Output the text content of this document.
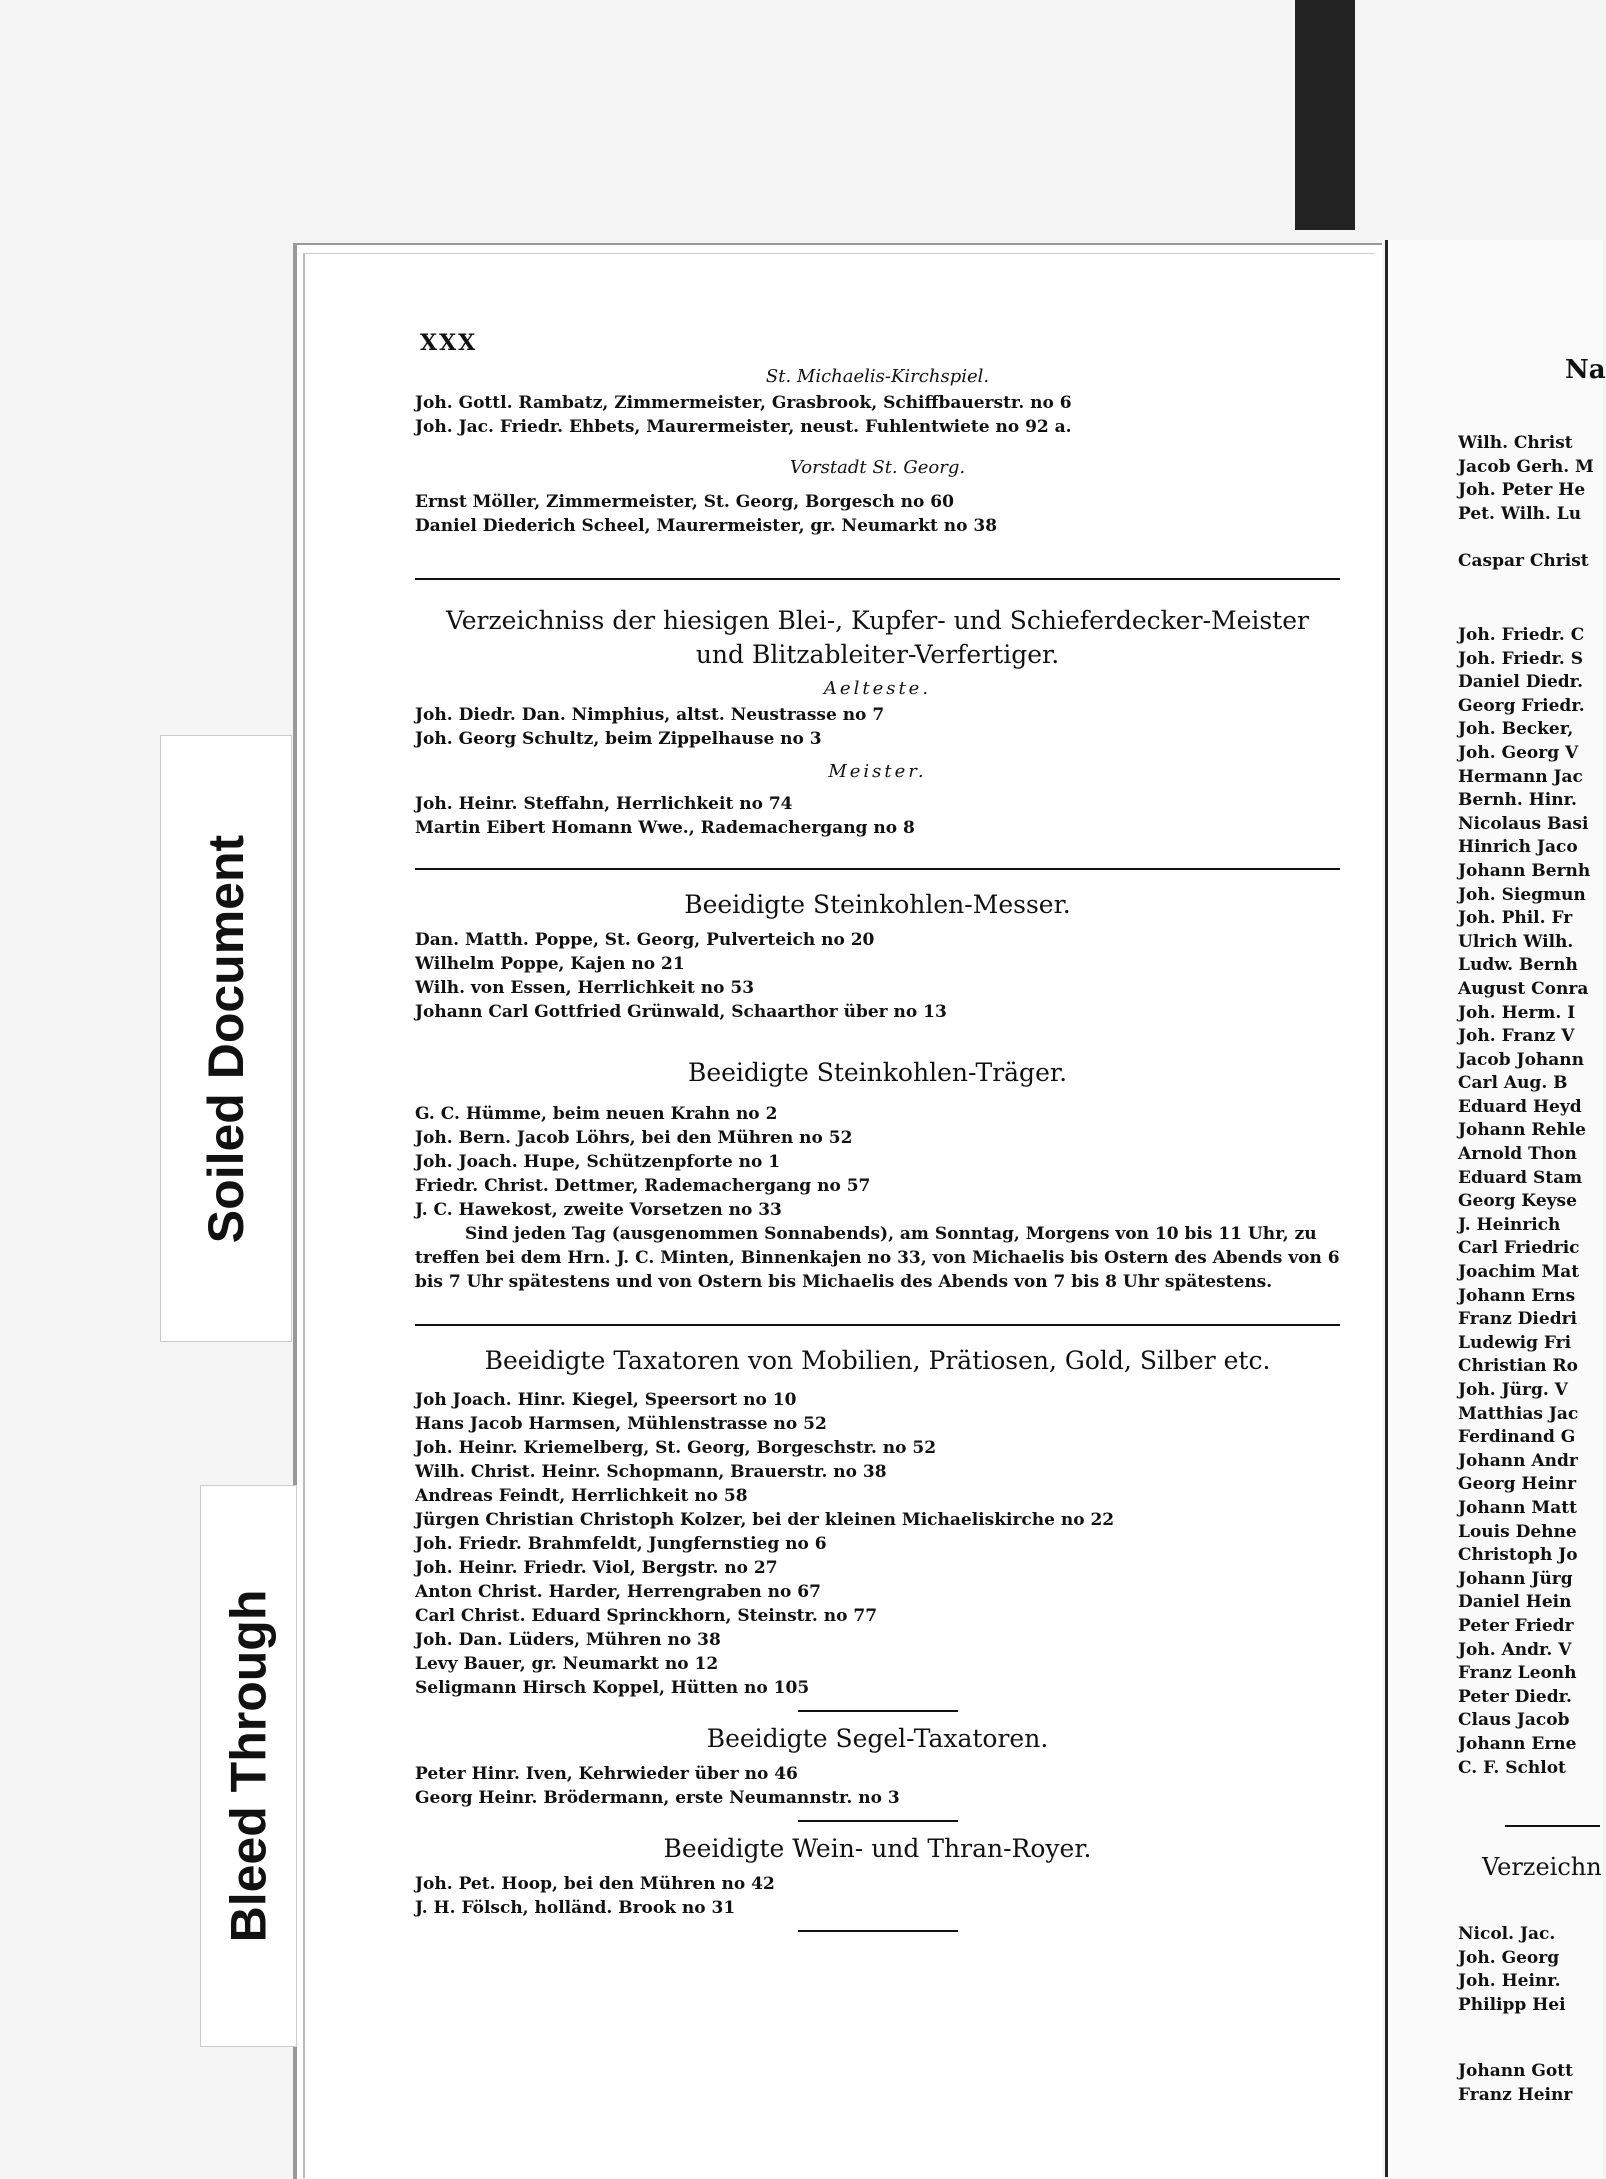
Soiled Document
Bleed Through
XXX
St. Michaelis-Kirchspiel.
Joh. Gottl. Rambatz, Zimmermeister, Grasbrook, Schiffbauerstr. no 6
Joh. Jac. Friedr. Ehbets, Maurermeister, neust. Fuhlentwiete no 92 a.
Vorstadt St. Georg.
Ernst Möller, Zimmermeister, St. Georg, Borgesch no 60
Daniel Diederich Scheel, Maurermeister, gr. Neumarkt no 38
Verzeichniss der hiesigen Blei-, Kupfer- und Schieferdecker-Meister
und Blitzableiter-Verfertiger.
Aelteste.
Joh. Diedr. Dan. Nimphius, altst. Neustrasse no 7
Joh. Georg Schultz, beim Zippelhause no 3
Meister.
Joh. Heinr. Steffahn, Herrlichkeit no 74
Martin Eibert Homann Wwe., Rademachergang no 8
Beeidigte Steinkohlen-Messer.
Dan. Matth. Poppe, St. Georg, Pulverteich no 20
Wilhelm Poppe, Kajen no 21
Wilh. von Essen, Herrlichkeit no 53
Johann Carl Gottfried Grünwald, Schaarthor über no 13
Beeidigte Steinkohlen-Träger.
G. C. Hümme, beim neuen Krahn no 2
Joh. Bern. Jacob Löhrs, bei den Mühren no 52
Joh. Joach. Hupe, Schützenpforte no 1
Friedr. Christ. Dettmer, Rademachergang no 57
J. C. Hawekost, zweite Vorsetzen no 33
Sind jeden Tag (ausgenommen Sonnabends), am Sonntag, Morgens von 10 bis 11 Uhr, zu treffen bei dem Hrn. J. C. Minten, Binnenkajen no 33, von Michaelis bis Ostern des Abends von 6 bis 7 Uhr spätestens und von Ostern bis Michaelis des Abends von 7 bis 8 Uhr spätestens.
Beeidigte Taxatoren von Mobilien, Prätiosen, Gold, Silber etc.
Joh Joach. Hinr. Kiegel, Speersort no 10
Hans Jacob Harmsen, Mühlenstrasse no 52
Joh. Heinr. Kriemelberg, St. Georg, Borgeschstr. no 52
Wilh. Christ. Heinr. Schopmann, Brauerstr. no 38
Andreas Feindt, Herrlichkeit no 58
Jürgen Christian Christoph Kolzer, bei der kleinen Michaeliskirche no 22
Joh. Friedr. Brahmfeldt, Jungfernstieg no 6
Joh. Heinr. Friedr. Viol, Bergstr. no 27
Anton Christ. Harder, Herrengraben no 67
Carl Christ. Eduard Sprinckhorn, Steinstr. no 77
Joh. Dan. Lüders, Mühren no 38
Levy Bauer, gr. Neumarkt no 12
Seligmann Hirsch Koppel, Hütten no 105
Beeidigte Segel-Taxatoren.
Peter Hinr. Iven, Kehrwieder über no 46
Georg Heinr. Brödermann, erste Neumannstr. no 3
Beeidigte Wein- und Thran-Royer.
Joh. Pet. Hoop, bei den Mühren no 42
J. H. Fölsch, holländ. Brook no 31
Na
Wilh. Christ
Jacob Gerh. M
Joh. Peter He
Pet. Wilh. Lu
Caspar Christ
Joh. Friedr. C
Joh. Friedr. S
Daniel Diedr.
Georg Friedr.
Joh. Becker,
Joh. Georg V
Hermann Jac
Bernh. Hinr.
Nicolaus Basi
Hinrich Jaco
Johann Bernh
Joh. Siegmun
Joh. Phil. Fr
Ulrich Wilh.
Ludw. Bernh
August Conra
Joh. Herm. I
Joh. Franz V
Jacob Johann
Carl Aug. B
Eduard Heyd
Johann Rehle
Arnold Thon
Eduard Stam
Georg Keyse
J. Heinrich
Carl Friedric
Joachim Mat
Johann Erns
Franz Diedri
Ludewig Fri
Christian Ro
Joh. Jürg. V
Matthias Jac
Ferdinand G
Johann Andr
Georg Heinr
Johann Matt
Louis Dehne
Christoph Jo
Johann Jürg
Daniel Hein
Peter Friedr
Joh. Andr. V
Franz Leonh
Peter Diedr.
Claus Jacob
Johann Erne
C. F. Schlot
Verzeichn
Nicol. Jac.
Joh. Georg
Joh. Heinr.
Philipp Hei
Johann Gott
Franz Heinr
